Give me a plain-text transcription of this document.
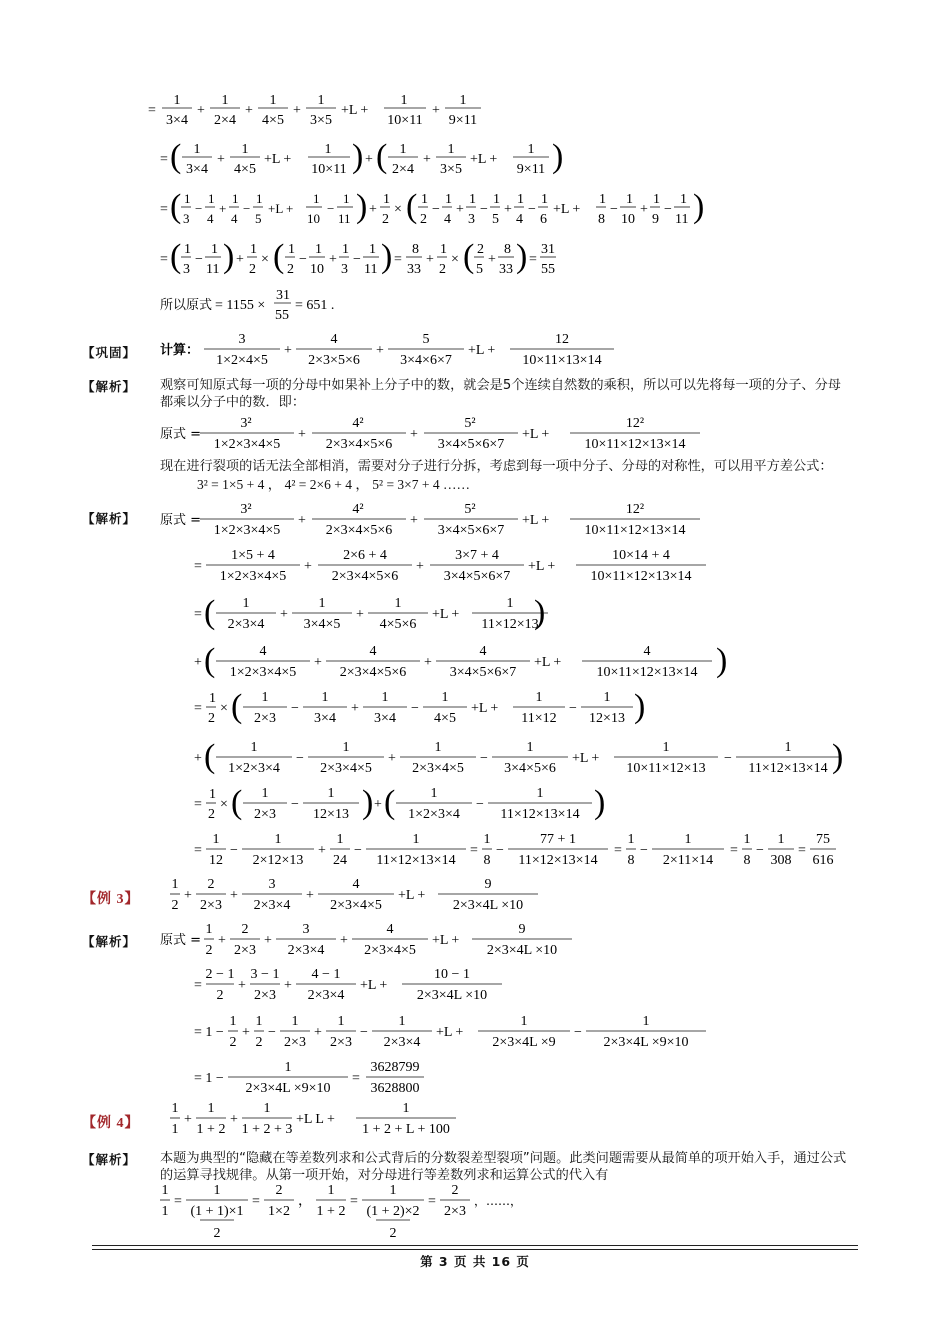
=
1
3×4
+
1
2×4
+
1
4×5
+
1
3×5
+L +
1
10×11
+
1
9×11
= ( 1
3×4
+
1
4×5
+L +
1
10×11 ) + ( 1
2×4
+
1
3×5
+L +
1
9×11 )
= ( 1
3
−
1
4
+
1
4
−
1
5
+L +
1
10
−
1
11 ) +
1
2
× ( 1
2
−
1
4
+
1
3
−
1
5
+
1
4
−
1
6
+L +
1
8
−
1
10
+
1
9
−
1
11 )
= ( 1
3
−
1
11 ) +
1
2
× ( 1
2
−
1
10
+
1
3
−
1
11 ) =
8
33
+
1
2
× ( 2
5
+
8
33 ) =
31
55
所以原式 = 1155 ×
31
55
= 651 .
【巩固】 计算：
3
1×2×4×5
+
4
2×3×5×6
+
5
3×4×6×7
+L +
12
10×11×13×14
【解析】 观察可知原式每一项的分母中如果补上分子中的数，就会是5个连续自然数的乘积，所以可以先将每一项的分子、分母都乘以分子中的数．即：
原式 =
3²
1×2×3×4×5
+
4²
2×3×4×5×6
+
5²
3×4×5×6×7
+L +
12²
10×11×12×13×14
现在进行裂项的话无法全部相消，需要对分子进行分拆，考虑到每一项中分子、分母的对称性，可以用平方差公式：
3² = 1×5 + 4 ， 4² = 2×6 + 4 ， 5² = 3×7 + 4 ……
【解析】 原式 =
3²
1×2×3×4×5
+
4²
2×3×4×5×6
+
5²
3×4×5×6×7
+L +
12²
10×11×12×13×14
=
1×5 + 4
1×2×3×4×5
+
2×6 + 4
2×3×4×5×6
+
3×7 + 4
3×4×5×6×7
+L +
10×14 + 4
10×11×12×13×14
= ( 1
2×3×4
+
1
3×4×5
+
1
4×5×6
+L +
1
11×12×13
)
+ (	4
1×2×3×4×5
+
4
2×3×4×5×6
+
4
3×4×5×6×7
+L +
4
10×11×12×13×14 )
=
1
2
× ( 1
2×3
−
1
3×4
+
1
3×4
−
1
4×5
+L +
1
11×12
−
1
12×13 )
+ (	1
1×2×3×4
−
1
2×3×4×5
+
1
2×3×4×5
−
1
3×4×5×6
+L +
1
10×11×12×13
−
1
11×12×13×14 )
=
1
2
× ( 1
2×3
−
1
12×13 ) + (	1
1×2×3×4
−
1
11×12×13×14 )
=
1
12
−
1
2×12×13
+
1
24
−
1
11×12×13×14
=
1
8
−
77 + 1
11×12×13×14
=
1
8
−
1
2×11×14
=
1
8
−
1
308
=
75
616
【例 3】
1
2
+
2
2×3
+
3
2×3×4
+
4
2×3×4×5
+L +
9
2×3×4L ×10
【解析】 原式 =
1
2
+
2
2×3
+
3
2×3×4
+
4
2×3×4×5
+L +
9
2×3×4L ×10
=
2 − 1
2
+
3 − 1
2×3
+
4 − 1
2×3×4
+L +
10 − 1
2×3×4L ×10
= 1 −
1
2
+
1
2
−
1
2×3
+
1
2×3
−
1
2×3×4
+L +
1
2×3×4L ×9
−
1
2×3×4L ×9×10
= 1 −
1
2×3×4L ×9×10
=
3628799
3628800
【例 4】
1
1
+
1
1 + 2
+
1
1 + 2 + 3
+L L +
1
1 + 2 + L + 100
【解析】 本题为典型的“隐藏在等差数列求和公式背后的分数裂差型裂项”问题。此类问题需要从最简单的项开始入手，通过公式的运算寻找规律。从第一项开始，对分母进行等差数列求和运算公式的代入有
1
1
=
1
(1 + 1)×1
2
=
2
1×2
，
1
1 + 2
=
1
(1 + 2)×2
2
=
2
2×3
，……，
第 3 页 共 16 页
